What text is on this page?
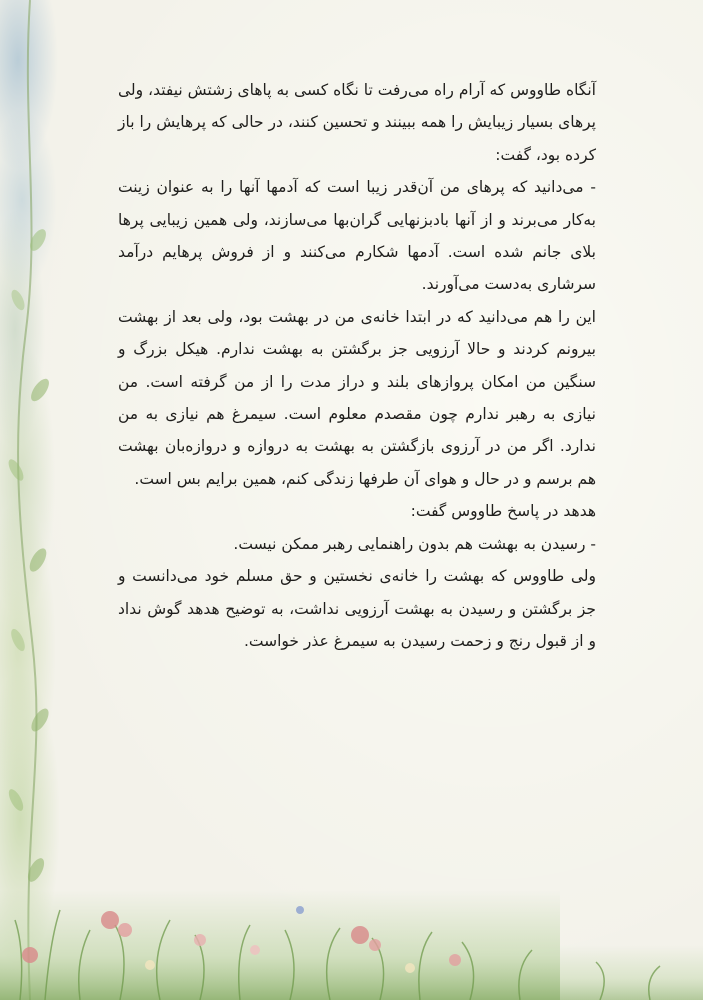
آنگاه طاووس که آرام راه می‌رفت تا نگاه کسی به پاهای زشتش نیفتد، ولی پرهای بسیار زیبایش را همه ببینند و تحسین کنند، در حالی که پرهایش را باز کرده بود، گفت:

- می‌دانید که پرهای من آن‌قدر زیبا است که آدمها آنها را به عنوان زینت به‌کار می‌برند و از آنها بادبزنهایی گران‌بها می‌سازند، ولی همین زیبایی پرها بلای جانم شده است. آدمها شکارم می‌کنند و از فروش پرهایم درآمد سرشاری به‌دست می‌آورند.

این را هم می‌دانید که در ابتدا خانه‌ی من در بهشت بود، ولی بعد از بهشت بیرونم کردند و حالا آرزویی جز برگشتن به بهشت ندارم. هیکل بزرگ و سنگین من امکان پروازهای بلند و دراز مدت را از من گرفته است. من نیازی به رهبر ندارم چون مقصدم معلوم است. سیمرغ هم نیازی به من ندارد. اگر من در آرزوی بازگشتن به بهشت به دروازه و دروازه‌بان بهشت هم برسم و در حال و هوای آن طرفها زندگی کنم، همین برایم بس است.

هدهد در پاسخ طاووس گفت:

- رسیدن به بهشت هم بدون راهنمایی رهبر ممکن نیست.

ولی طاووس که بهشت را خانه‌ی نخستین و حق مسلم خود می‌دانست و جز برگشتن و رسیدن به بهشت آرزویی نداشت، به توضیح هدهد گوش نداد و از قبول رنج و زحمت رسیدن به سیمرغ عذر خواست.
